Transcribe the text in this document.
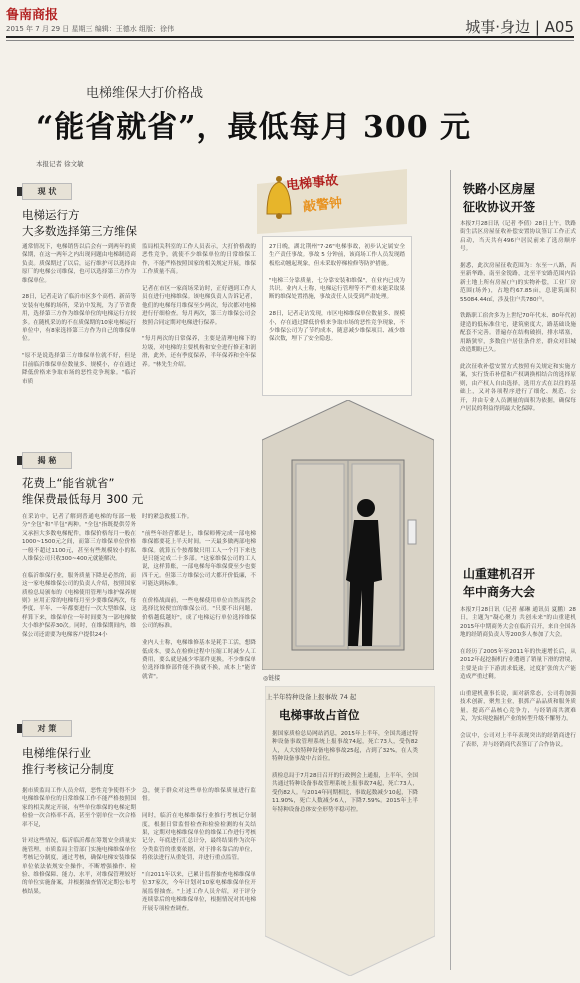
鲁南商报
2015 年 7 月 29 日 星期三 编辑：王德水 组版：徐伟	城事·身边 | A05
电梯维保大打价格战
“能省就省”，最低每月 300 元
本报记者 徐文敏
现 状
电梯运行方
大多数选择第三方维保
通常情况下，电梯销售以后会有一到两年的质保期，在这一两年之内出现问题由电梯制造商负责。质保期过了以后，运行维护可以选择由原厂的电梯公司维保，也可以选择第三方作为维保单位。

28日，记者走访了临沂市区多个高档、新苗等安装有电梯的场所，采访中发现，为了节省费用，选择第三方作为维保单位的电梯运行方较多。在随机采访的不在质保期的10家电梯运行单位中，有8家选择第三方作为自己的维保单位。

"原不是说选择第三方维保单位就不好，但是目前临沂维保单位数量多、规模小，存在通过降低价格来争取市场的恶性竞争现象。"临沂市质
监局相关科室的工作人员表示，大打价格战的恶性竞争，就使不少维保单位的日常维保工作，不能严格按照国家的相关规定开展，维保工作质量不高。

记者在市区一家商场采访时，正好遇到工作人员在进行电梯维保。该电梯负责人告诉记者，他们的电梯每月维保至少两次，每次都对电梯进行仔细检查。每月两次，第三方维保公司会按照合同定期对电梯进行保养。

"每月两次的日常保养，主要是清理电梯下的垃圾，对电梯的主要机构和安全进行修正和润滑，此外，还有季度保养，半年保养和全年保养。"林先生介绍。
揭 秘
花费上“能省就省”
维保费最低每月 300 元
在采访中，记者了解到普通电梯的每部一般分"全包"和"半包"两种。"全包"指既提供劳务又承担大多数电梯配件，维保价格每月一般在1000~1500元之间，而第三方维保单位价格一般不超过1100元，甚至有些规模较小的私人维保公司只收300~400元就能解决。

在临沂维保行业，服务质量下降是必然的，而这一家电梯维保公司的负责人介绍，按照国家质检总局颁布的《电梯使用管理与维护保养规则》应用正常的电梯每月至少要维保两次，每季度、半年、一年都要进行一次大型维保，这样算下来，维保单位一年时间要为一部电梯做大小维护保养30次。同时，在维保期间内，维保公司还需要为电梯客户提供24小
时的紧急救援工作。

"前些年经营都是上，维保师傅完成一部电梯维保都要花上半天时间。一天最多做两部电梯维保。就算五个按都做只用工人一个月下来也是只能完成二十多部。"这家维保公司的工人说，这样算账，一部电梯每年维保费至少也要四千元。但第三方维保公司大都开价低廉，不可能达到标准。

在价格战面前，一些电梯使用单位自然而然会选择比较便宜的维保公司。"只要不出问题，价格越低越好"，成了电梯运行单位选择维保公司的标准。

业内人士称，电梯维修基本是耗手工活，想降低成本，要么在检修过程中压缩工时减少人工费用，要么就是减少零部件更换。不少维保单位选择维修部件能不换就不换，成本上"能省就省"。
对 策
电梯维保行业
推行考核记分制度
据市质监局工作人员介绍，恶性竞争使得不少电梯维保单位的日常维保工作不能严格按照国家的相关规定开展，有些单位维保的电梯定期检验一次合格率不高，甚至个别单位一次合格率不足，

针对这些情况，临沂临沂都在筹划安全质量实施管理，市质监局主管部门实施电梯维保单位考核记分制度，通过考核，确保电梯安装维保单位依法依规安全操作，不断增强操作、检验、维修保障、能力、水平，对维保管理较好的单位实施备案，并根据抽查情况定期公布考核结果。
急，便于群众对这些单位的维保质量进行监督。

同时，临沂在电梯维保行业推行考核记分制度，根据日常监督检查和检验检测的有关结果，定期对电梯维保单位的维保工作进行考核记分，年底进行汇总计分，最终结果作为次年分类监管的重要依据，对于排名靠后的单位，将依法进行从重处罚，并进行重点监管。

"自2011年以来，已累计监督抽查电梯维保单位37家次，今年计划对10家电梯维保单位开展监督抽查。"上述工作人员介绍，对于评分连续靠后的电梯维保单位，根据情况对其电梯开展专项检查调查。
电梯事故
敲警钟
27日晚，湖北荆州"7·26"电梯事故，初步认定属安全生产责任事故。事故 5 分钟前，该商场工作人员发现踏板松动翘起现象，但未采取停梯检修等防护措施。

"电梯三分靠质量，七分靠安装和维保"，在业内已成为共识。业内人士称，电梯运行管理等不严重未能采取果断的维保处置措施，事故责任人员受到严肃处理。

28日，记者走访发现，市区电梯维保单位数量多、规模小，存在通过降低价格来争取市场的恶性竞争现象，不少维保公司为了节约成本，随意减少维保项目、减少维保次数，埋下了安全隐患。
◎链接
上半年特种设备上报事故 74 起
电梯事故占首位
据国家质检总局网站消息，2015年上半年，全国共通过特种设备事故管理系统上报事故74起，死亡73人，受伤82人，人大较特种设备电梯事故25起，占到了32%，在人类特种设备事故中占首位。

质检总局于7月28日召开的行政例会上通报，上半年，全国共通过特种设备事故管理系统上报事故74起，死亡73人，受伤82人。与2014年同期相比，事故起数减少10起，下降11.90%，死亡人数减少6人，下降7.59%。2015年上半年特种设备总体安全形势平稳可控。
铁路小区房屋
征收协议开签
本报7月28日讯（记者 李倩）28日上午，铁路街生活区房屋征收补偿安置协议签订工作正式启动，当天共有496户居民前来了选房顺序号。

据悉，此次房屋征收范围为：东至一八路，西至新华路，南至金锐路，北至平安路范围内沿新土地上所有房屋(户)的实物补偿，工业厂房范围(场外)，占地约67.85亩，总建筑面积55084.44㎡，涉及住户共780户。

铁路职工宿舍多为上世纪70年代末、80年代初建造的低标准住宅，建筑密度大，路基础设施配套不完善。普遍存在结构破损，排水堵塞，用路狭窄，多数住户居住条件差，群众对旧城改造期盼已久。

此次征收补偿安置方式按照有关规定和实施方案，实行货币补偿和产权调换相结合的选择原则，由产权人自由选择，选用方式在以往的基础上，又对各项程序进行了细化、规范、公开，并由专业人员测量的面积为依据，确保每户居民的利益得到最大化保障。
山重建机召开
年中商务大会
本报7月28日讯（记者 郝琳 通讯员 夏鹏）28日，主题为"凝心聚力 共创未来"的山重建机2015年中期商务大会在临沂召开，来自全国各地的经销商负责人等200多人参加了大会。

在经历了2005年至2011年的快速增长后，从2012年起挖掘机行业遭遇了销量下滑的窘境，主要是由于下游需求低迷，过度扩张的大产能造成严重过剩。

山重建机董事长说，面对新常态，公司将加强技术创新，聚焦主业，狠抓产品品质和服务质量，提高产品核心竞争力，与经销商共渡难关，为实现挖掘机产业的转型升级不懈努力。

会议中，公司对上半年表现突出的经销商进行了表彰，并与经销商代表签订了合作协议。
